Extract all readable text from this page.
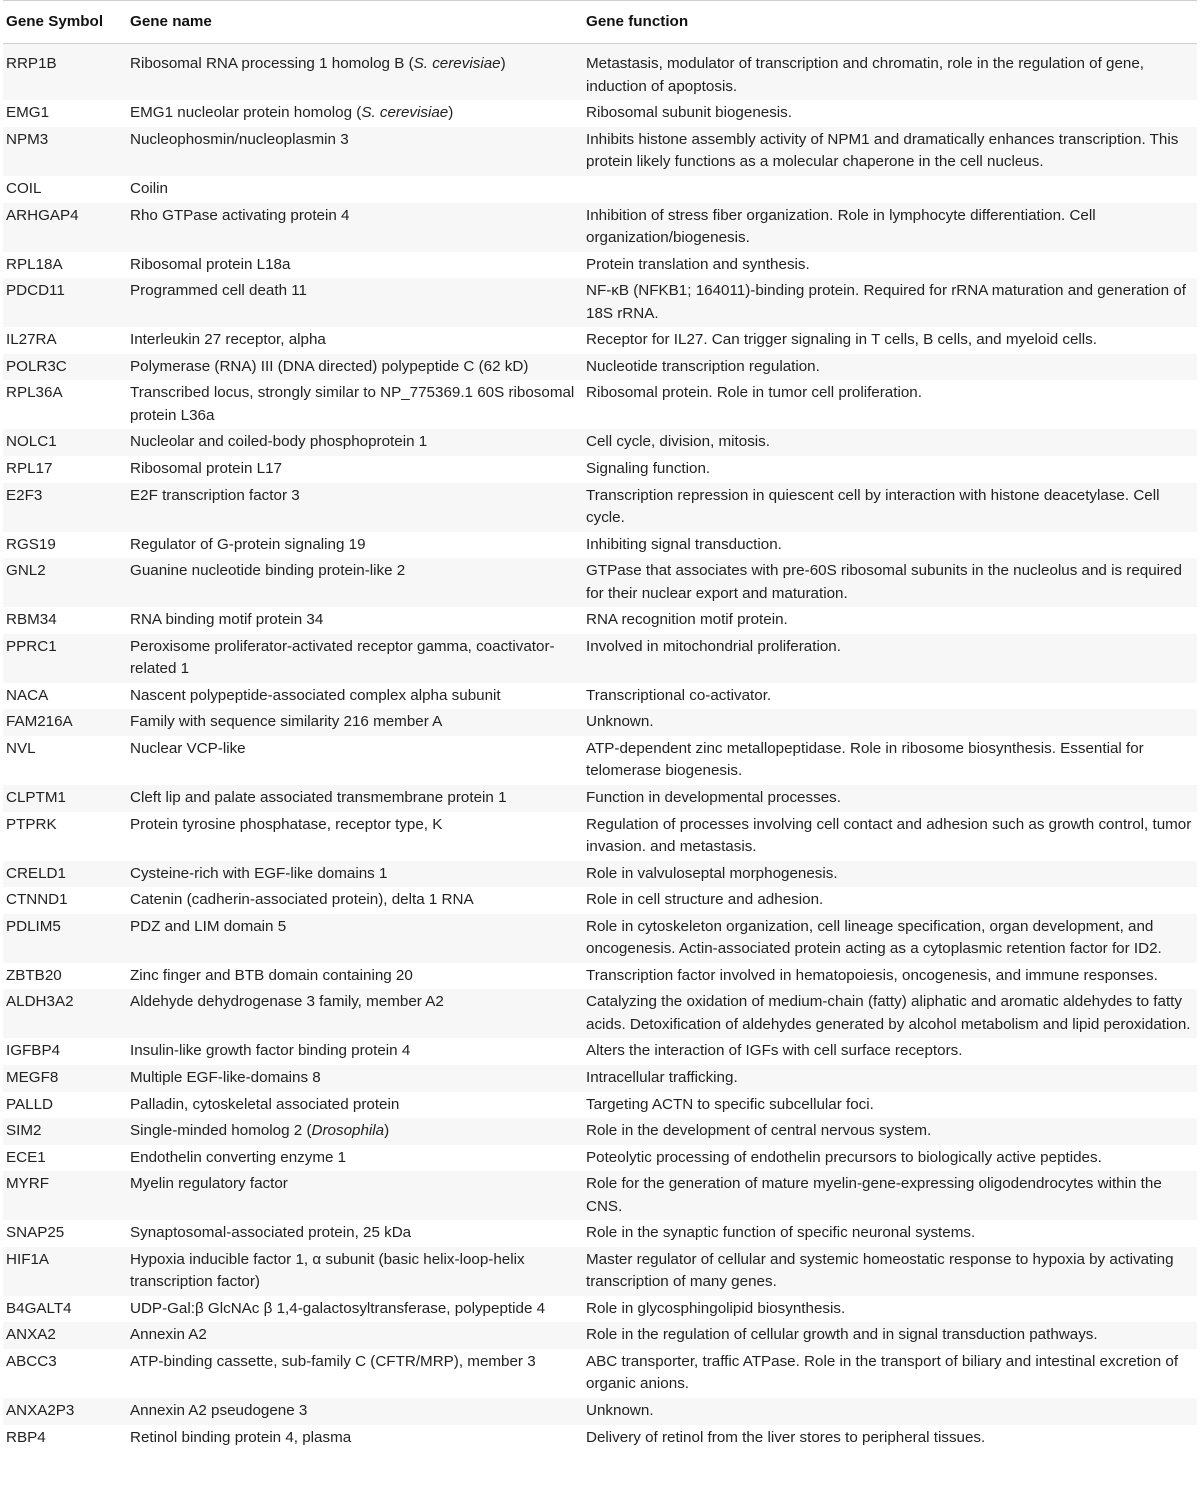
Gene Symbol	Gene name	Gene function
RRP1B	Ribosomal RNA processing 1 homolog B (S. cerevisiae)	Metastasis, modulator of transcription and chromatin, role in the regulation of gene, induction of apoptosis.
EMG1	EMG1 nucleolar protein homolog (S. cerevisiae)	Ribosomal subunit biogenesis.
NPM3	Nucleophosmin/nucleoplasmin 3	Inhibits histone assembly activity of NPM1 and dramatically enhances transcription. This protein likely functions as a molecular chaperone in the cell nucleus.
COIL	Coilin	
ARHGAP4	Rho GTPase activating protein 4	Inhibition of stress fiber organization. Role in lymphocyte differentiation. Cell organization/biogenesis.
RPL18A	Ribosomal protein L18a	Protein translation and synthesis.
PDCD11	Programmed cell death 11	NF-κB (NFKB1; 164011)-binding protein. Required for rRNA maturation and generation of 18S rRNA.
IL27RA	Interleukin 27 receptor, alpha	Receptor for IL27. Can trigger signaling in T cells, B cells, and myeloid cells.
POLR3C	Polymerase (RNA) III (DNA directed) polypeptide C (62 kD)	Nucleotide transcription regulation.
RPL36A	Transcribed locus, strongly similar to NP_775369.1 60S ribosomal protein L36a	Ribosomal protein. Role in tumor cell proliferation.
NOLC1	Nucleolar and coiled-body phosphoprotein 1	Cell cycle, division, mitosis.
RPL17	Ribosomal protein L17	Signaling function.
E2F3	E2F transcription factor 3	Transcription repression in quiescent cell by interaction with histone deacetylase. Cell cycle.
RGS19	Regulator of G-protein signaling 19	Inhibiting signal transduction.
GNL2	Guanine nucleotide binding protein-like 2	GTPase that associates with pre-60S ribosomal subunits in the nucleolus and is required for their nuclear export and maturation.
RBM34	RNA binding motif protein 34	RNA recognition motif protein.
PPRC1	Peroxisome proliferator-activated receptor gamma, coactivator-related 1	Involved in mitochondrial proliferation.
NACA	Nascent polypeptide-associated complex alpha subunit	Transcriptional co-activator.
FAM216A	Family with sequence similarity 216 member A	Unknown.
NVL	Nuclear VCP-like	ATP-dependent zinc metallopeptidase. Role in ribosome biosynthesis. Essential for telomerase biogenesis.
CLPTM1	Cleft lip and palate associated transmembrane protein 1	Function in developmental processes.
PTPRK	Protein tyrosine phosphatase, receptor type, K	Regulation of processes involving cell contact and adhesion such as growth control, tumor invasion. and metastasis.
CRELD1	Cysteine-rich with EGF-like domains 1	Role in valvuloseptal morphogenesis.
CTNND1	Catenin (cadherin-associated protein), delta 1 RNA	Role in cell structure and adhesion.
PDLIM5	PDZ and LIM domain 5	Role in cytoskeleton organization, cell lineage specification, organ development, and oncogenesis. Actin-associated protein acting as a cytoplasmic retention factor for ID2.
ZBTB20	Zinc finger and BTB domain containing 20	Transcription factor involved in hematopoiesis, oncogenesis, and immune responses.
ALDH3A2	Aldehyde dehydrogenase 3 family, member A2	Catalyzing the oxidation of medium-chain (fatty) aliphatic and aromatic aldehydes to fatty acids. Detoxification of aldehydes generated by alcohol metabolism and lipid peroxidation.
IGFBP4	Insulin-like growth factor binding protein 4	Alters the interaction of IGFs with cell surface receptors.
MEGF8	Multiple EGF-like-domains 8	Intracellular trafficking.
PALLD	Palladin, cytoskeletal associated protein	Targeting ACTN to specific subcellular foci.
SIM2	Single-minded homolog 2 (Drosophila)	Role in the development of central nervous system.
ECE1	Endothelin converting enzyme 1	Poteolytic processing of endothelin precursors to biologically active peptides.
MYRF	Myelin regulatory factor	Role for the generation of mature myelin-gene-expressing oligodendrocytes within the CNS.
SNAP25	Synaptosomal-associated protein, 25 kDa	Role in the synaptic function of specific neuronal systems.
HIF1A	Hypoxia inducible factor 1, α subunit (basic helix-loop-helix transcription factor)	Master regulator of cellular and systemic homeostatic response to hypoxia by activating transcription of many genes.
B4GALT4	UDP-Gal:β GlcNAc β 1,4-galactosyltransferase, polypeptide 4	Role in glycosphingolipid biosynthesis.
ANXA2	Annexin A2	Role in the regulation of cellular growth and in signal transduction pathways.
ABCC3	ATP-binding cassette, sub-family C (CFTR/MRP), member 3	ABC transporter, traffic ATPase. Role in the transport of biliary and intestinal excretion of organic anions.
ANXA2P3	Annexin A2 pseudogene 3	Unknown.
RBP4	Retinol binding protein 4, plasma	Delivery of retinol from the liver stores to peripheral tissues.
